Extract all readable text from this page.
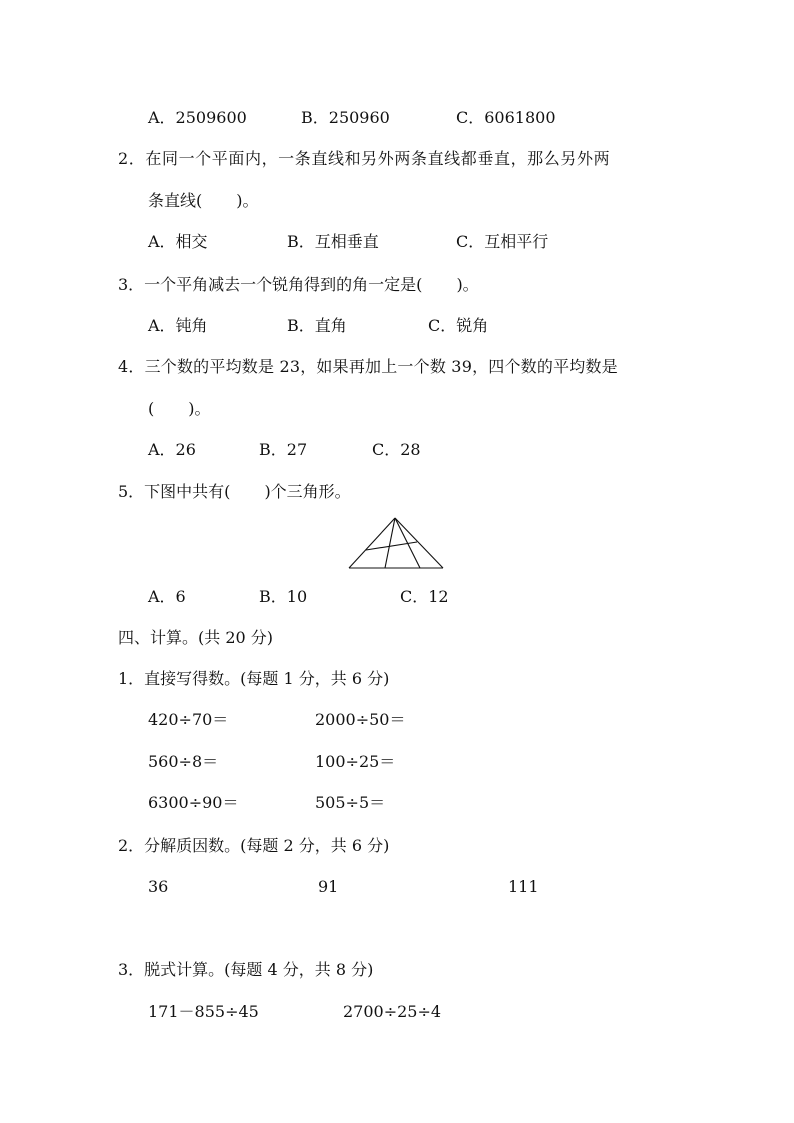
A．2509600	B．250960	C．6061800
2．在同一个平面内，一条直线和另外两条直线都垂直，那么另外两
条直线( )。
A．相交	B．互相垂直	C．互相平行
3．一个平角减去一个锐角得到的角一定是( )。
A．钝角	B．直角	C．锐角
4．三个数的平均数是 23，如果再加上一个数 39，四个数的平均数是
( )。
A．26	B．27	C．28
5．下图中共有( )个三角形。
A．6	B．10	C．12
四、计算。(共 20 分)
1．直接写得数。(每题 1 分，共 6 分)
420÷70＝	2000÷50＝
560÷8＝	100÷25＝
6300÷90＝	505÷5＝
2．分解质因数。(每题 2 分，共 6 分)
36	91	111
3．脱式计算。(每题 4 分，共 8 分)
171－855÷45	2700÷25÷4
